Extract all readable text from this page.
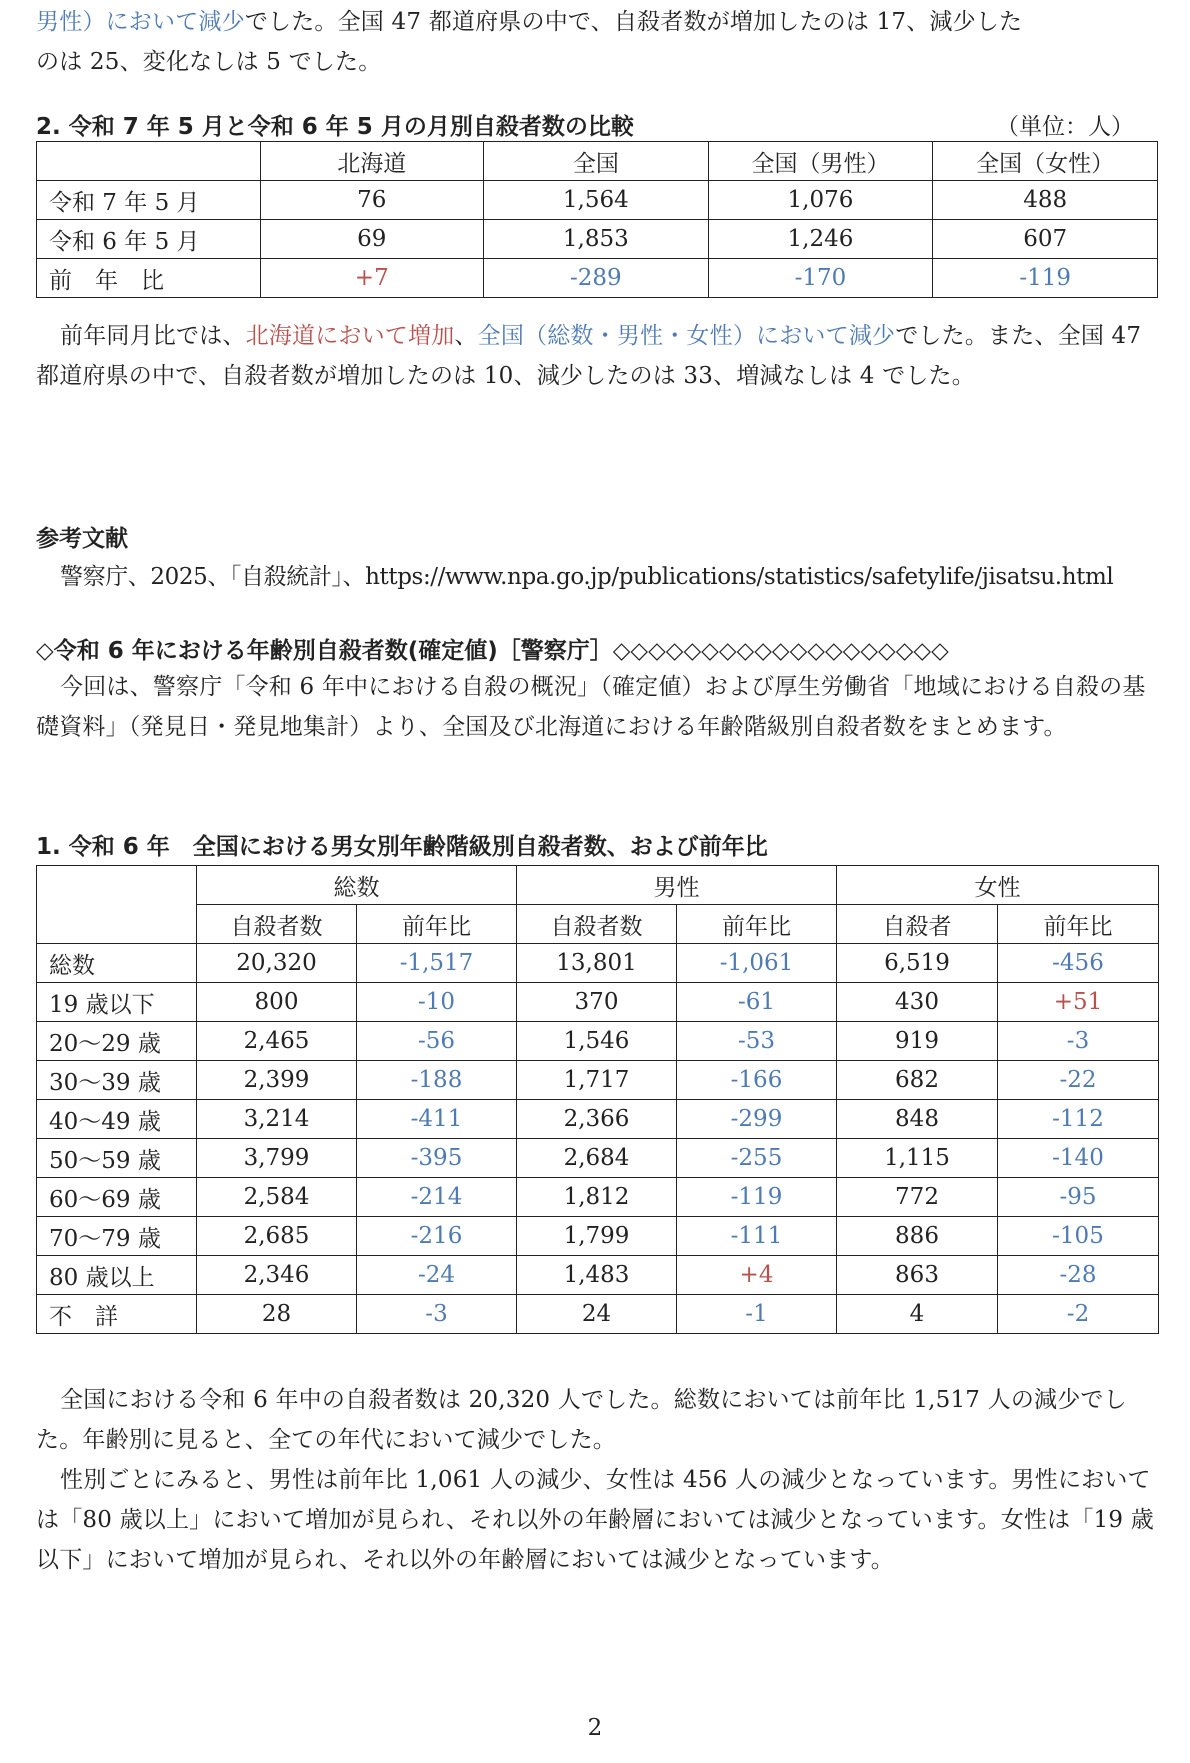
男性）において減少でした。全国 47 都道府県の中で、自殺者数が増加したのは 17、減少した
のは 25、変化なしは 5 でした。

2. 令和 7 年 5 月と令和 6 年 5 月の月別自殺者数の比較	（単位：人）
	北海道	全国	全国（男性）	全国（女性）
令和 7 年 5 月	76	1,564	1,076	488
令和 6 年 5 月	69	1,853	1,246	607
前　年　比	+7	-289	-170	-119

前年同月比では、北海道において増加、全国（総数・男性・女性）において減少でした。また、全国 47 都道府県の中で、自殺者数が増加したのは 10、減少したのは 33、増減なしは 4 でした。

参考文献

警察庁、2025、「自殺統計」、https://www.npa.go.jp/publications/statistics/safetylife/jisatsu.html

◇令和 6 年における年齢別自殺者数(確定値)［警察庁］◇◇◇◇◇◇◇◇◇◇◇◇◇◇◇◇◇◇◇

今回は、警察庁「令和 6 年中における自殺の概況」（確定値）および厚生労働省「地域における自殺の基礎資料」（発見日・発見地集計）より、全国及び北海道における年齢階級別自殺者数をまとめます。

1. 令和 6 年　全国における男女別年齢階級別自殺者数、および前年比
	総数		男性		女性	
	自殺者数	前年比	自殺者数	前年比	自殺者	前年比
総数	20,320	-1,517	13,801	-1,061	6,519	-456
19 歳以下	800	-10	370	-61	430	+51
20～29 歳	2,465	-56	1,546	-53	919	-3
30～39 歳	2,399	-188	1,717	-166	682	-22
40～49 歳	3,214	-411	2,366	-299	848	-112
50～59 歳	3,799	-395	2,684	-255	1,115	-140
60～69 歳	2,584	-214	1,812	-119	772	-95
70～79 歳	2,685	-216	1,799	-111	886	-105
80 歳以上	2,346	-24	1,483	+4	863	-28
不　詳	28	-3	24	-1	4	-2

全国における令和 6 年中の自殺者数は 20,320 人でした。総数においては前年比 1,517 人の減少でした。年齢別に見ると、全ての年代において減少でした。

性別ごとにみると、男性は前年比 1,061 人の減少、女性は 456 人の減少となっています。男性においては「80 歳以上」において増加が見られ、それ以外の年齢層においては減少となっています。女性は「19 歳以下」において増加が見られ、それ以外の年齢層においては減少となっています。

2
